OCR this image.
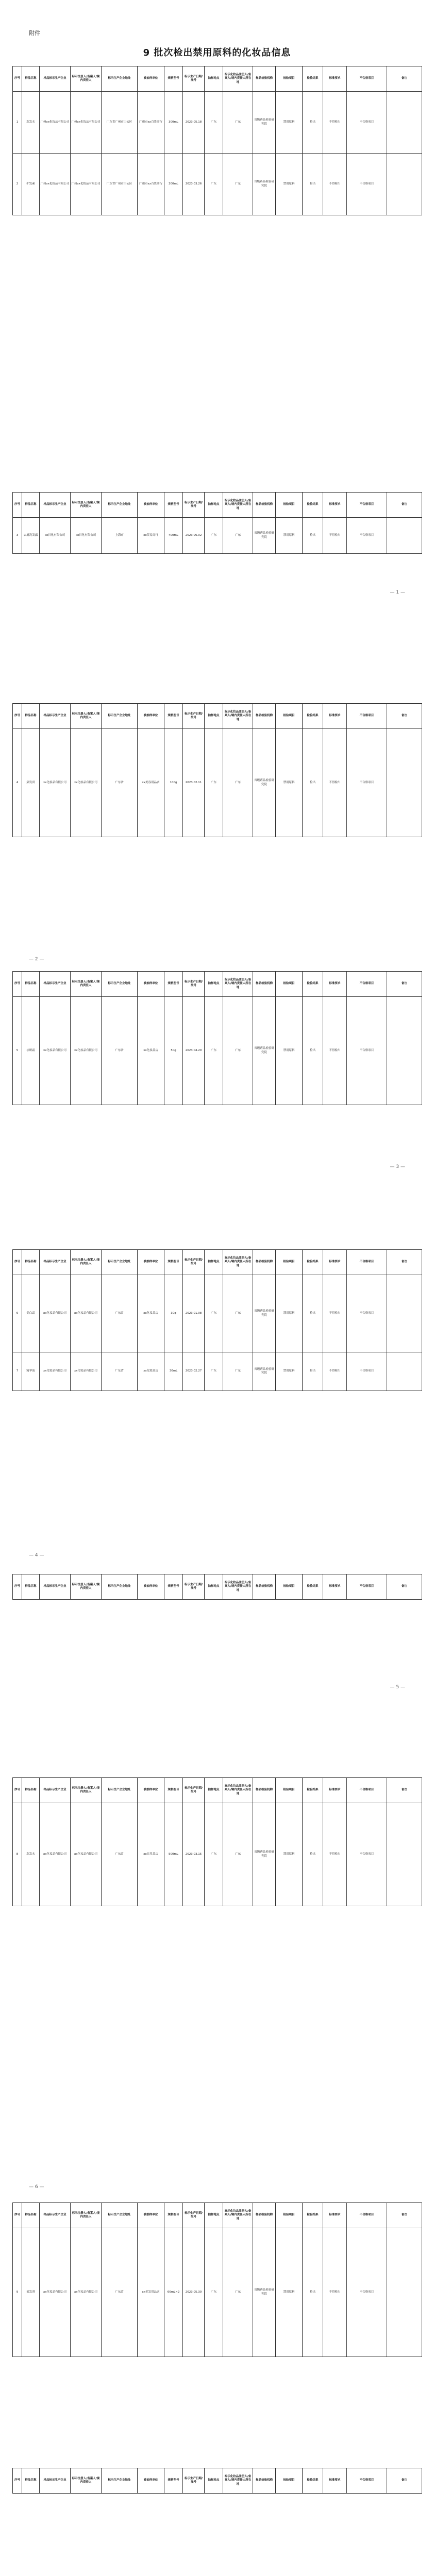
附件
9 批次检出禁用原料的化妆品信息
序号	样品名称	样品标示生产企业	标示注册人/备案人/境内责任人	标示生产企业地址	被抽样单位	规格型号	标示生产日期/批号	抽样地点	标示化妆品注册人/备案人/境内责任人所在地	样品检验机构	检验项目	检验结果	标准要求	不合格项目	备注
1	洗发水	广州xx化妆品有限公司	广州xx化妆品有限公司	广东省广州市白云区	广州市xx百货商行	300mL	2023.05.18	广东	广东	省级药品检验研究院	禁用原料	检出	不得检出	不合格项目	
2	护发素	广州xx化妆品有限公司	广州xx化妆品有限公司	广东省广州市白云区	广州市xx百货商行	300mL	2023.03.26	广东	广东	省级药品检验研究院	禁用原料	检出	不得检出	不合格项目	
序号	样品名称	样品标示生产企业	标示注册人/备案人/境内责任人	标示生产企业地址	被抽样单位	规格型号	标示生产日期/批号	抽样地点	标示化妆品注册人/备案人/境内责任人所在地	样品检验机构	检验项目	检验结果	标准要求	不合格项目	备注
3	去屑洗发露	xx日化有限公司	xx日化有限公司	上海市	xx贸易商行	400mL	2023.06.02	广东	广东	省级药品检验研究院	禁用原料	检出	不得检出	不合格项目	
— 1 —
序号	样品名称	样品标示生产企业	标示注册人/备案人/境内责任人	标示生产企业地址	被抽样单位	规格型号	标示生产日期/批号	抽样地点	标示化妆品注册人/备案人/境内责任人所在地	样品检验机构	检验项目	检验结果	标准要求	不合格项目	备注
4	染发膏	xx化妆品有限公司	xx化妆品有限公司	广东省	xx美容用品店	100g	2023.02.11	广东	广东	省级药品检验研究院	禁用原料	检出	不得检出	不合格项目	
— 2 —
序号	样品名称	样品标示生产企业	标示注册人/备案人/境内责任人	标示生产企业地址	被抽样单位	规格型号	标示生产日期/批号	抽样地点	标示化妆品注册人/备案人/境内责任人所在地	样品检验机构	检验项目	检验结果	标准要求	不合格项目	备注
5	祛斑霜	xx化妆品有限公司	xx化妆品有限公司	广东省	xx化妆品店	50g	2023.04.20	广东	广东	省级药品检验研究院	禁用原料	检出	不得检出	不合格项目	
— 3 —
序号	样品名称	样品标示生产企业	标示注册人/备案人/境内责任人	标示生产企业地址	被抽样单位	规格型号	标示生产日期/批号	抽样地点	标示化妆品注册人/备案人/境内责任人所在地	样品检验机构	检验项目	检验结果	标准要求	不合格项目	备注
6	美白霜	xx化妆品有限公司	xx化妆品有限公司	广东省	xx化妆品店	30g	2023.01.08	广东	广东	省级药品检验研究院	禁用原料	检出	不得检出	不合格项目	
7	精华液	xx化妆品有限公司	xx化妆品有限公司	广东省	xx化妆品店	30mL	2023.02.27	广东	广东	省级药品检验研究院	禁用原料	检出	不得检出	不合格项目	
— 4 —
序号	样品名称	样品标示生产企业	标示注册人/备案人/境内责任人	标示生产企业地址	被抽样单位	规格型号	标示生产日期/批号	抽样地点	标示化妆品注册人/备案人/境内责任人所在地	样品检验机构	检验项目	检验结果	标准要求	不合格项目	备注
— 5 —
序号	样品名称	样品标示生产企业	标示注册人/备案人/境内责任人	标示生产企业地址	被抽样单位	规格型号	标示生产日期/批号	抽样地点	标示化妆品注册人/备案人/境内责任人所在地	样品检验机构	检验项目	检验结果	标准要求	不合格项目	备注
8	洗发水	xx化妆品有限公司	xx化妆品有限公司	广东省	xx日用品店	500mL	2023.03.15	广东	广东	省级药品检验研究院	禁用原料	检出	不得检出	不合格项目	
— 6 —
序号	样品名称	样品标示生产企业	标示注册人/备案人/境内责任人	标示生产企业地址	被抽样单位	规格型号	标示生产日期/批号	抽样地点	标示化妆品注册人/备案人/境内责任人所在地	样品检验机构	检验项目	检验结果	标准要求	不合格项目	备注
9	染发剂	xx化妆品有限公司	xx化妆品有限公司	广东省	xx美发用品店	60mL×2	2023.05.30	广东	广东	省级药品检验研究院	禁用原料	检出	不得检出	不合格项目	
序号	样品名称	样品标示生产企业	标示注册人/备案人/境内责任人	标示生产企业地址	被抽样单位	规格型号	标示生产日期/批号	抽样地点	标示化妆品注册人/备案人/境内责任人所在地	样品检验机构	检验项目	检验结果	标准要求	不合格项目	备注
